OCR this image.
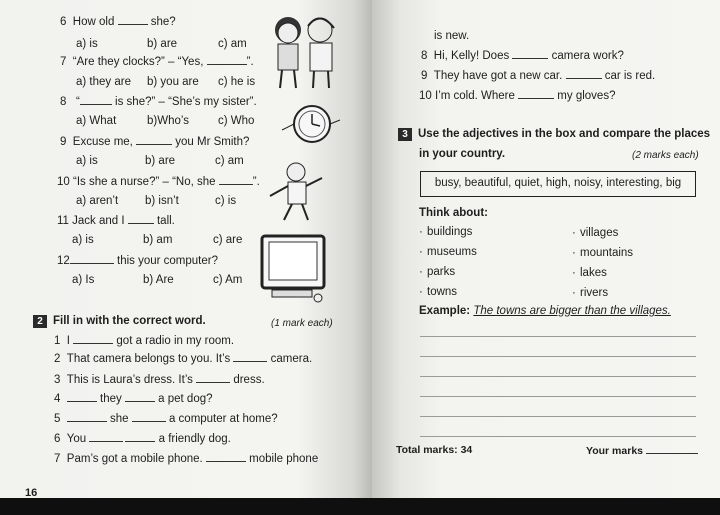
6 How old	she?
a) is	b) are	c) am
7 “Are they clocks?” – “Yes,	”.
a) they are b) you are c) he is
8 “	is she?” – “She’s my sister”.
a) What	b)Who’s	c) Who
9 Excuse me,	you Mr Smith?
a) is	b) are	c) am
10 “Is she a nurse?” – “No, she	”.
a) aren’t b) isn’t	c) is
11 Jack and I	tall.
a) is	b) am	c) are
12	this your computer?
a) Is	b) Are	c) Am
2 Fill in with the correct word.	(1 mark each)
1 I	got a radio in my room.
2 That camera belongs to you. It’s	camera.
3 This is Laura’s dress. It’s	dress.
4	they	a pet dog?
5	she	a computer at home?
6 You	a friendly dog.
7 Pam’s got a mobile phone.	mobile phone
16
is new.
8 Hi, Kelly! Does	camera work?
9 They have got a new car.	car is red.
10 I’m cold. Where	my gloves?
3 Use the adjectives in the box and compare the places
in your country.	(2 marks each)
busy, beautiful, quiet, high, noisy, interesting, big
Think about:
· buildings
· museums
· parks
· towns
· villages
· mountains
· lakes
· rivers
Example: The towns are bigger than the villages.
Total marks: 34	Your marks
